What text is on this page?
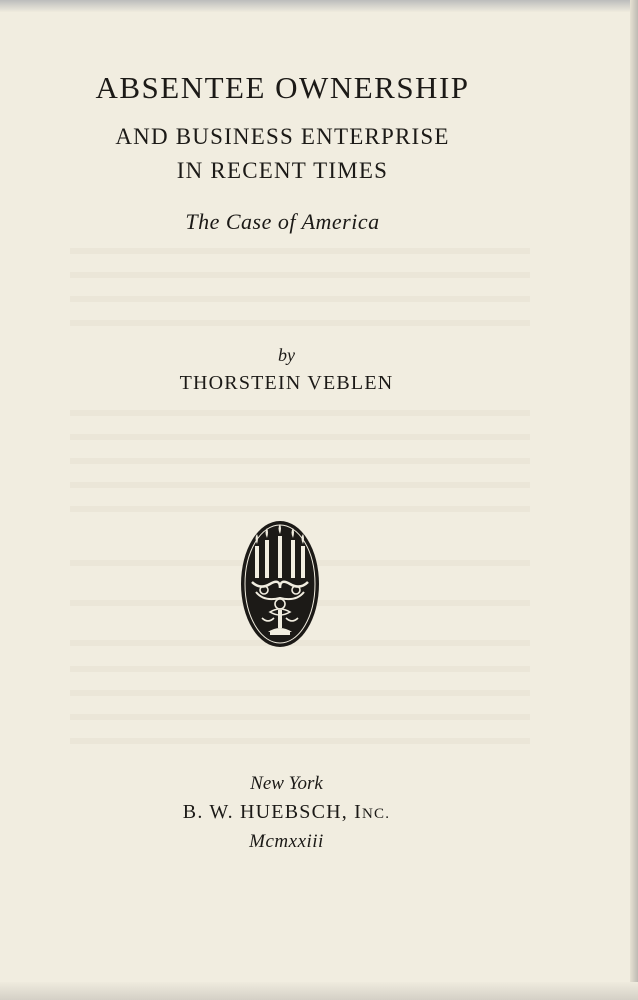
ABSENTEE OWNERSHIP
AND BUSINESS ENTERPRISE
IN RECENT TIMES
The Case of America
by
THORSTEIN VEBLEN
New York
B. W. HUEBSCH, INC.
Mcmxxiii
